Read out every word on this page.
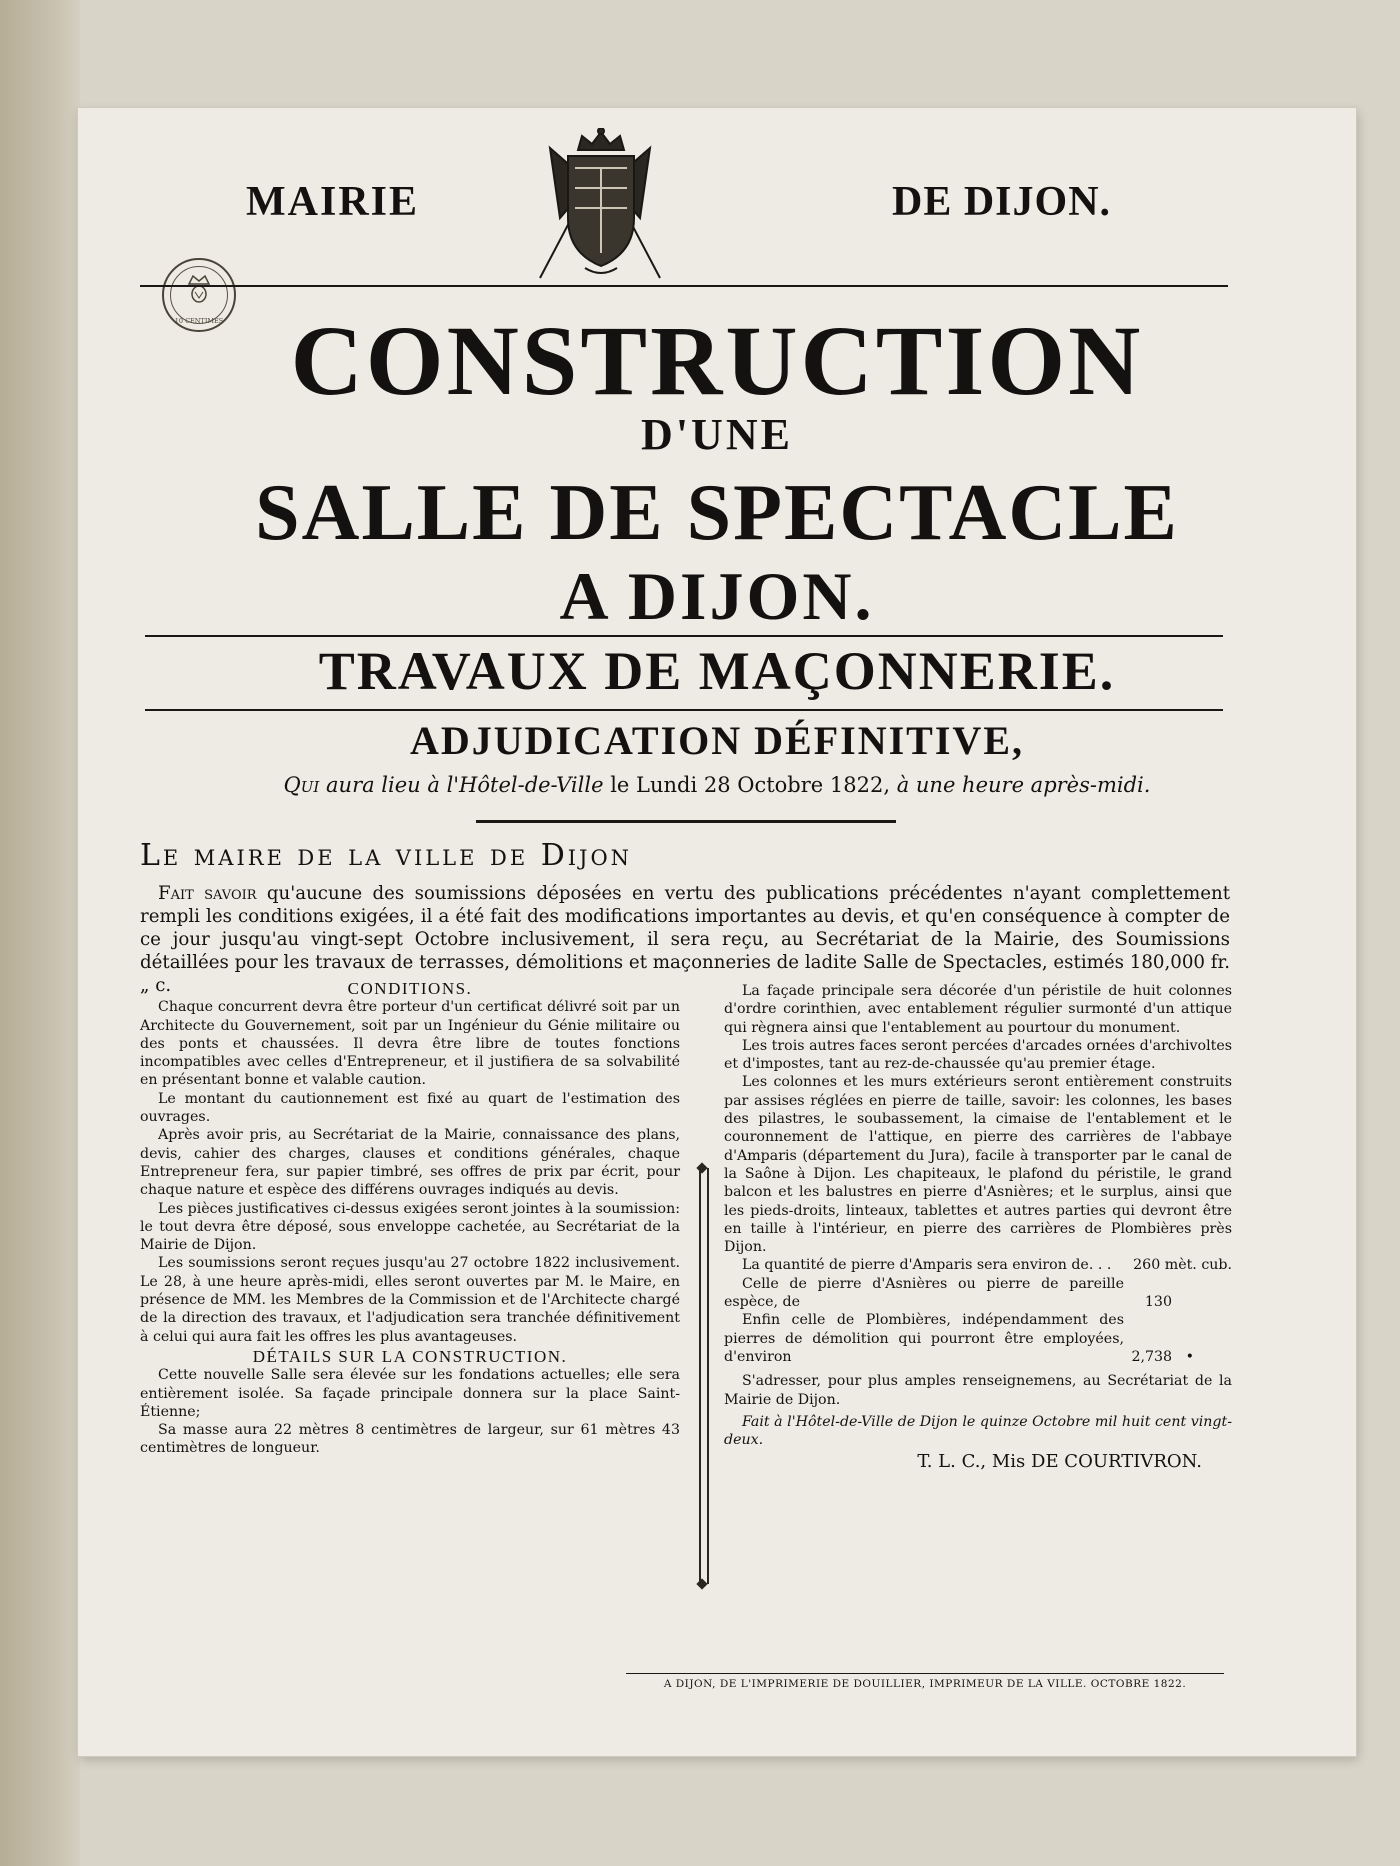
10 CENTIMES
MAIRIE	DE DIJON.
CONSTRUCTION
D'UNE
SALLE DE SPECTACLE
A DIJON.
TRAVAUX DE MAÇONNERIE.
ADJUDICATION DÉFINITIVE,
Qui aura lieu à l'Hôtel-de-Ville le Lundi 28 Octobre 1822, à une heure après-midi.
Le maire de la ville de Dijon
Fait savoir qu'aucune des soumissions déposées en vertu des publications précédentes n'ayant complettement rempli les conditions exigées, il a été fait des modifications importantes au devis, et qu'en conséquence à compter de ce jour jusqu'au vingt-sept Octobre inclusivement, il sera reçu, au Secrétariat de la Mairie, des Soumissions détaillées pour les travaux de terrasses, démolitions et maçonneries de ladite Salle de Spectacles, estimés 180,000 fr. „ c.	CONDITIONS.

Chaque concurrent devra être porteur d'un certificat délivré soit par un Architecte du Gouvernement, soit par un Ingénieur du Génie militaire ou des ponts et chaussées. Il devra être libre de toutes fonctions incompatibles avec celles d'Entrepreneur, et il justifiera de sa solvabilité en présentant bonne et valable caution.

Le montant du cautionnement est fixé au quart de l'estimation des ouvrages.

Après avoir pris, au Secrétariat de la Mairie, connaissance des plans, devis, cahier des charges, clauses et conditions générales, chaque Entrepreneur fera, sur papier timbré, ses offres de prix par écrit, pour chaque nature et espèce des différens ouvrages indiqués au devis.

Les pièces justificatives ci-dessus exigées seront jointes à la soumission: le tout devra être déposé, sous enveloppe cachetée, au Secrétariat de la Mairie de Dijon.

Les soumissions seront reçues jusqu'au 27 octobre 1822 inclusivement. Le 28, à une heure après-midi, elles seront ouvertes par M. le Maire, en présence de MM. les Membres de la Commission et de l'Architecte chargé de la direction des travaux, et l'adjudication sera tranchée définitivement à celui qui aura fait les offres les plus avantageuses.

DÉTAILS SUR LA CONSTRUCTION.

Cette nouvelle Salle sera élevée sur les fondations actuelles; elle sera entièrement isolée. Sa façade principale donnera sur la place Saint-Étienne;

Sa masse aura 22 mètres 8 centimètres de largeur, sur 61 mètres 43 centimètres de longueur.

La façade principale sera décorée d'un péristile de huit colonnes d'ordre corinthien, avec entablement régulier surmonté d'un attique qui règnera ainsi que l'entablement au pourtour du monument.

Les trois autres faces seront percées d'arcades ornées d'archivoltes et d'impostes, tant au rez-de-chaussée qu'au premier étage.

Les colonnes et les murs extérieurs seront entièrement construits par assises réglées en pierre de taille, savoir: les colonnes, les bases des pilastres, le soubassement, la cimaise de l'entablement et le couronnement de l'attique, en pierre des carrières de l'abbaye d'Amparis (département du Jura), facile à transporter par le canal de la Saône à Dijon. Les chapiteaux, le plafond du péristile, le grand balcon et les balustres en pierre d'Asnières; et le surplus, ainsi que les pieds-droits, linteaux, tablettes et autres parties qui devront être en taille à l'intérieur, en pierre des carrières de Plombières près Dijon.

La quantité de pierre d'Amparis sera environ de. . .	260 mèt. cub.
Celle de pierre d'Asnières ou pierre de pareille espèce, de	130
Enfin celle de Plombières, indépendamment des pierres de démolition qui pourront être employées, d'environ	2,738 •

S'adresser, pour plus amples renseignemens, au Secrétariat de la Mairie de Dijon.

Fait à l'Hôtel-de-Ville de Dijon le quinze Octobre mil huit cent vingt-deux.

T. L. C., Mis DE COURTIVRON.
A DIJON, DE L'IMPRIMERIE DE DOUILLIER, IMPRIMEUR DE LA VILLE. OCTOBRE 1822.
